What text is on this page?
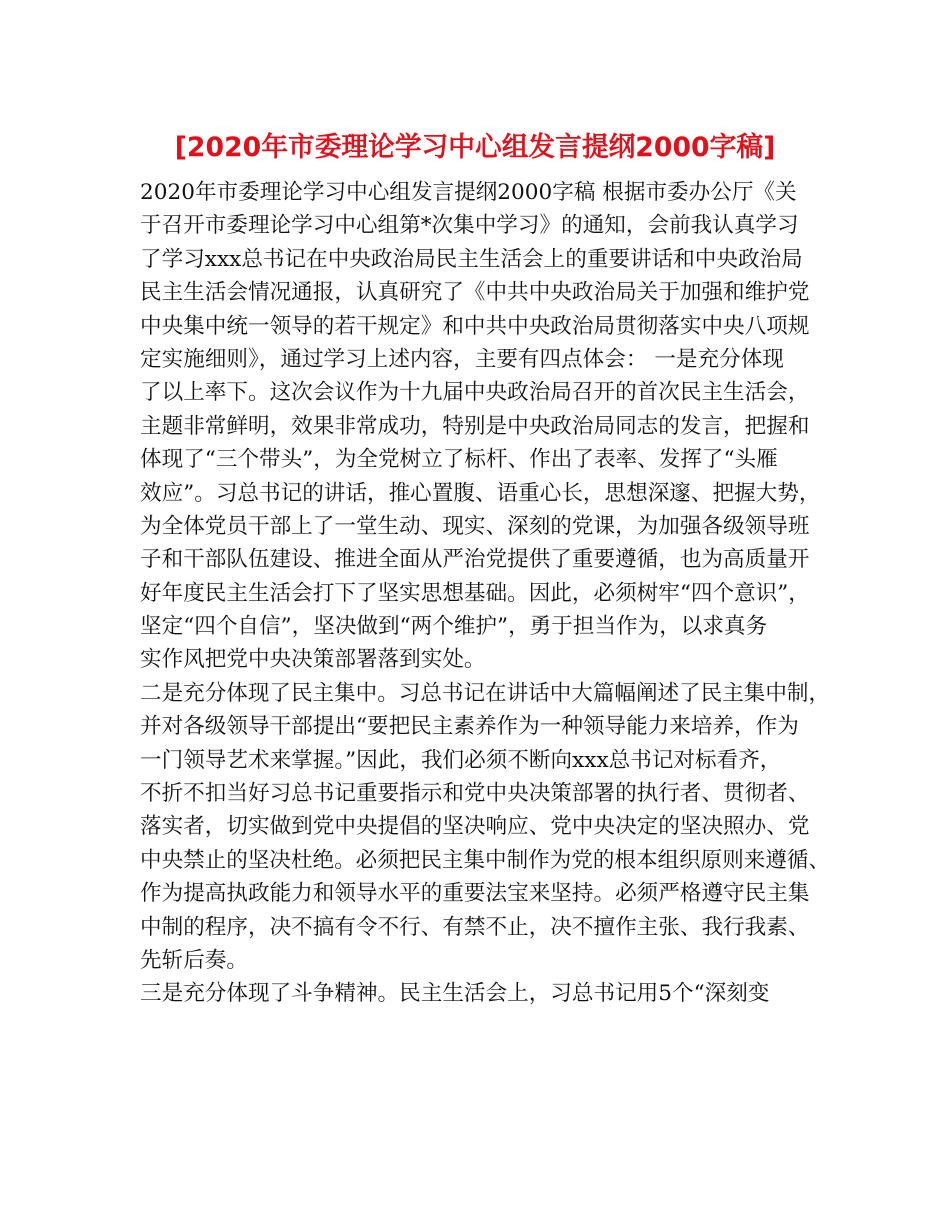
[2020年市委理论学习中心组发言提纲2000字稿]
2020年市委理论学习中心组发言提纲2000字稿 根据市委办公厅《关
于召开市委理论学习中心组第*次集中学习》的通知，会前我认真学习
了学习xxx总书记在中央政治局民主生活会上的重要讲话和中央政治局
民主生活会情况通报，认真研究了《中共中央政治局关于加强和维护党
中央集中统一领导的若干规定》和中共中央政治局贯彻落实中央八项规
定实施细则》，通过学习上述内容，主要有四点体会： 一是充分体现
了以上率下。这次会议作为十九届中央政治局召开的首次民主生活会，
主题非常鲜明，效果非常成功，特别是中央政治局同志的发言，把握和
体现了“三个带头”，为全党树立了标杆、作出了表率、发挥了“头雁
效应”。习总书记的讲话，推心置腹、语重心长，思想深邃、把握大势，
为全体党员干部上了一堂生动、现实、深刻的党课，为加强各级领导班
子和干部队伍建设、推进全面从严治党提供了重要遵循，也为高质量开
好年度民主生活会打下了坚实思想基础。因此，必须树牢“四个意识”，
坚定“四个自信”，坚决做到“两个维护”，勇于担当作为，以求真务
实作风把党中央决策部署落到实处。
二是充分体现了民主集中。习总书记在讲话中大篇幅阐述了民主集中制，
并对各级领导干部提出“要把民主素养作为一种领导能力来培养，作为
一门领导艺术来掌握。”因此，我们必须不断向xxx总书记对标看齐，
不折不扣当好习总书记重要指示和党中央决策部署的执行者、贯彻者、
落实者，切实做到党中央提倡的坚决响应、党中央决定的坚决照办、党
中央禁止的坚决杜绝。必须把民主集中制作为党的根本组织原则来遵循、
作为提高执政能力和领导水平的重要法宝来坚持。必须严格遵守民主集
中制的程序，决不搞有令不行、有禁不止，决不擅作主张、我行我素、
先斩后奏。
三是充分体现了斗争精神。民主生活会上，习总书记用5个“深刻变
